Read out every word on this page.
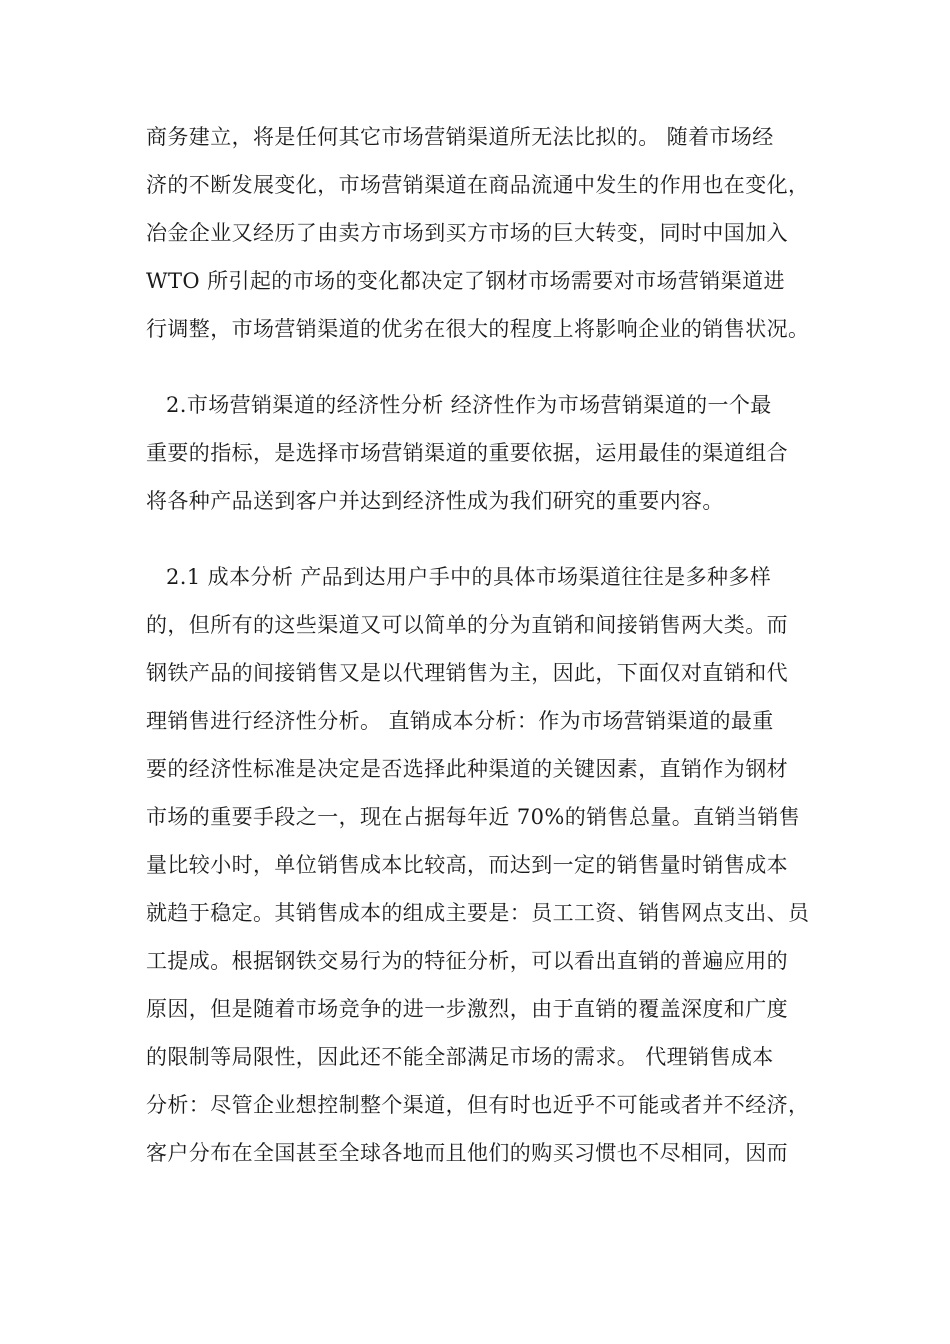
商务建立，将是任何其它市场营销渠道所无法比拟的。 随着市场经
济的不断发展变化，市场营销渠道在商品流通中发生的作用也在变化，
冶金企业又经历了由卖方市场到买方市场的巨大转变，同时中国加入
WTO 所引起的市场的变化都决定了钢材市场需要对市场营销渠道进
行调整，市场营销渠道的优劣在很大的程度上将影响企业的销售状况。
2.市场营销渠道的经济性分析 经济性作为市场营销渠道的一个最
重要的指标，是选择市场营销渠道的重要依据，运用最佳的渠道组合
将各种产品送到客户并达到经济性成为我们研究的重要内容。
2.1 成本分析 产品到达用户手中的具体市场渠道往往是多种多样
的，但所有的这些渠道又可以简单的分为直销和间接销售两大类。而
钢铁产品的间接销售又是以代理销售为主，因此，下面仅对直销和代
理销售进行经济性分析。 直销成本分析：作为市场营销渠道的最重
要的经济性标准是决定是否选择此种渠道的关键因素，直销作为钢材
市场的重要手段之一，现在占据每年近 70%的销售总量。直销当销售
量比较小时，单位销售成本比较高，而达到一定的销售量时销售成本
就趋于稳定。其销售成本的组成主要是：员工工资、销售网点支出、员
工提成。根据钢铁交易行为的特征分析，可以看出直销的普遍应用的
原因，但是随着市场竞争的进一步激烈，由于直销的覆盖深度和广度
的限制等局限性，因此还不能全部满足市场的需求。 代理销售成本
分析：尽管企业想控制整个渠道，但有时也近乎不可能或者并不经济，
客户分布在全国甚至全球各地而且他们的购买习惯也不尽相同，因而
